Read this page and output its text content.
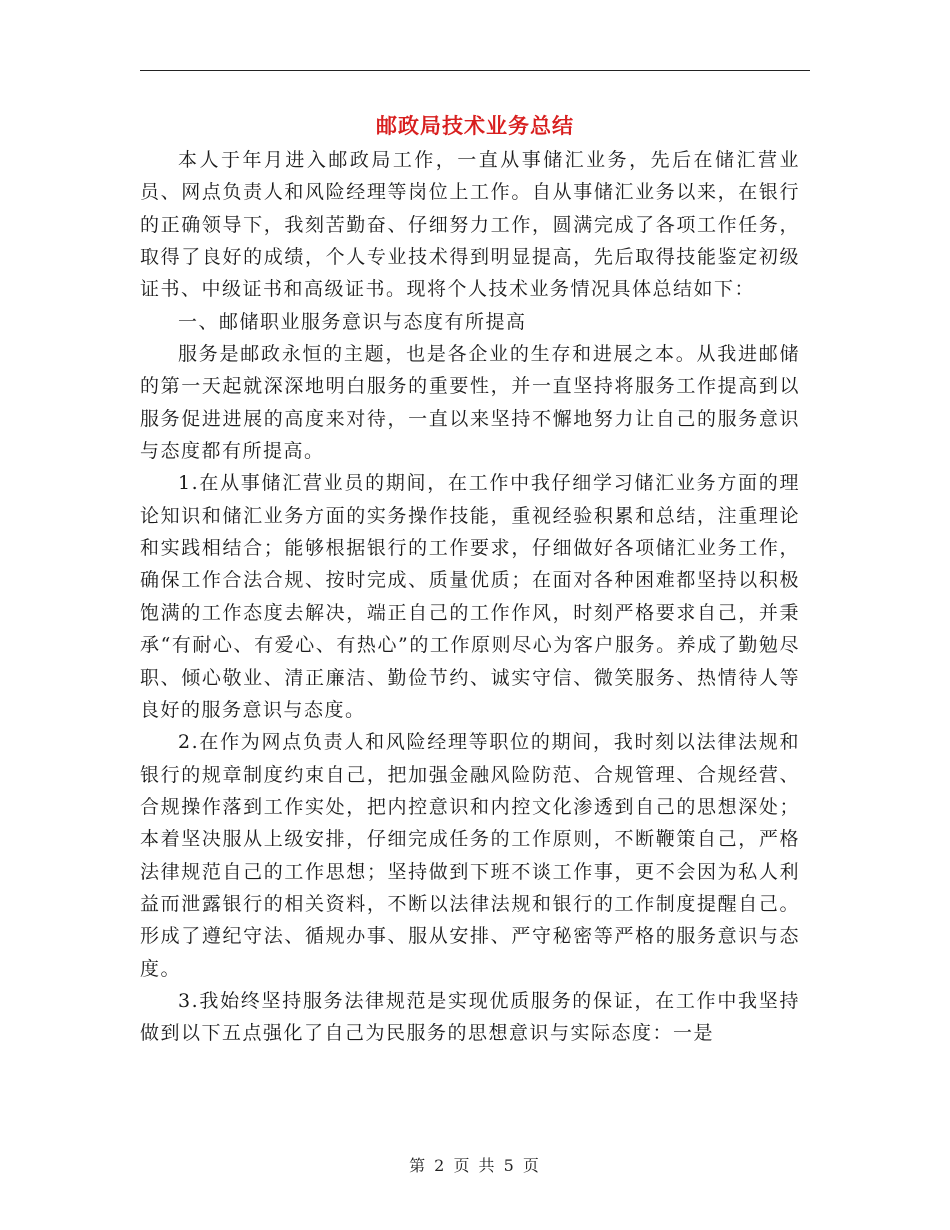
邮政局技术业务总结

本人于年月进入邮政局工作，一直从事储汇业务，先后在储汇营业员、网点负责人和风险经理等岗位上工作。自从事储汇业务以来，在银行的正确领导下，我刻苦勤奋、仔细努力工作，圆满完成了各项工作任务，取得了良好的成绩，个人专业技术得到明显提高，先后取得技能鉴定初级证书、中级证书和高级证书。现将个人技术业务情况具体总结如下：

一、邮储职业服务意识与态度有所提高

服务是邮政永恒的主题，也是各企业的生存和进展之本。从我进邮储的第一天起就深深地明白服务的重要性，并一直坚持将服务工作提高到以服务促进进展的高度来对待，一直以来坚持不懈地努力让自己的服务意识与态度都有所提高。

1.在从事储汇营业员的期间，在工作中我仔细学习储汇业务方面的理论知识和储汇业务方面的实务操作技能，重视经验积累和总结，注重理论和实践相结合；能够根据银行的工作要求，仔细做好各项储汇业务工作，确保工作合法合规、按时完成、质量优质；在面对各种困难都坚持以积极饱满的工作态度去解决，端正自己的工作作风，时刻严格要求自己，并秉承“有耐心、有爱心、有热心”的工作原则尽心为客户服务。养成了勤勉尽职、倾心敬业、清正廉洁、勤俭节约、诚实守信、微笑服务、热情待人等良好的服务意识与态度。

2.在作为网点负责人和风险经理等职位的期间，我时刻以法律法规和银行的规章制度约束自己，把加强金融风险防范、合规管理、合规经营、合规操作落到工作实处，把内控意识和内控文化渗透到自己的思想深处；本着坚决服从上级安排，仔细完成任务的工作原则，不断鞭策自己，严格法律规范自己的工作思想；坚持做到下班不谈工作事，更不会因为私人利益而泄露银行的相关资料，不断以法律法规和银行的工作制度提醒自己。形成了遵纪守法、循规办事、服从安排、严守秘密等严格的服务意识与态度。

3.我始终坚持服务法律规范是实现优质服务的保证，在工作中我坚持做到以下五点强化了自己为民服务的思想意识与实际态度：一是

第 2 页 共 5 页
